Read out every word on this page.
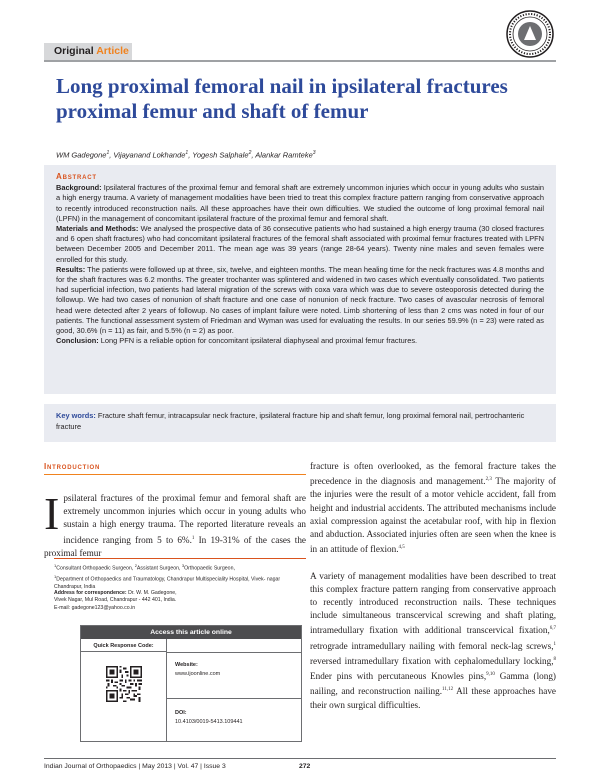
Original Article
Long proximal femoral nail in ipsilateral fractures proximal femur and shaft of femur
WM Gadegone$^1$, Vijayanand Lokhande$^1$, Yogesh Salphale$^2$, Alankar Ramteke$^3$
Abstract

Background: Ipsilateral fractures of the proximal femur and femoral shaft are extremely uncommon injuries which occur in young adults who sustain a high energy trauma. A variety of management modalities have been tried to treat this complex fracture pattern ranging from conservative approach to recently introduced reconstruction nails. All these approaches have their own difficulties. We studied the outcome of long proximal femoral nail (LPFN) in the management of concomitant ipsilateral fracture of the proximal femur and femoral shaft.

Materials and Methods: We analysed the prospective data of 36 consecutive patients who had sustained a high energy trauma (30 closed fractures and 6 open shaft fractures) who had concomitant ipsilateral fractures of the femoral shaft associated with proximal femur fractures treated with LPFN between December 2005 and December 2011. The mean age was 39 years (range 28-64 years). Twenty nine males and seven females were enrolled for this study.

Results: The patients were followed up at three, six, twelve, and eighteen months. The mean healing time for the neck fractures was 4.8 months and for the shaft fractures was 6.2 months. The greater trochanter was splintered and widened in two cases which eventually consolidated. Two patients had superficial infection, two patients had lateral migration of the screws with coxa vara which was due to severe osteoporosis detected during the followup. We had two cases of nonunion of shaft fracture and one case of nonunion of neck fracture. Two cases of avascular necrosis of femoral head were detected after 2 years of followup. No cases of implant failure were noted. Limb shortening of less than 2 cms was noted in four of our patients. The functional assessment system of Friedman and Wyman was used for evaluating the results. In our series 59.9% (n = 23) were rated as good, 30.6% (n = 11) as fair, and 5.5% (n = 2) as poor.

Conclusion: Long PFN is a reliable option for concomitant ipsilateral diaphyseal and proximal femur fractures.

Key words: Fracture shaft femur, intracapsular neck fracture, ipsilateral fracture hip and shaft femur, long proximal femoral nail, pertrochanteric fracture
Introduction
Ipsilateral fractures of the proximal femur and femoral shaft are extremely uncommon injuries which occur in young adults who sustain a high energy trauma. The reported literature reveals an incidence ranging from 5 to 6%.$^1$ In 19-31% of the cases the proximal femur
$^1$Consultant Orthopaedic Surgeon, $^2$Assistant Surgeon, $^3$Orthopaedic Surgeon,
$^1$Department of Orthopaedics and Traumatology, Chandrapur Multispeciality Hospital, Vivek- nagar Chandrapur, India
Address for correspondence: Dr. W. M. Gadegone,
Vivek Nagar, Mul Road, Chandrapur - 442 401, India.
E-mail: gadegone123@yahoo.co.in
Access this article online
Quick Response Code:
Website:
www.ijoonline.com
DOI:
10.4103/0019-5413.109441

fracture is often overlooked, as the femoral fracture takes the precedence in the diagnosis and management.$^{2,3}$ The majority of the injuries were the result of a motor vehicle accident, fall from height and industrial accidents. The attributed mechanisms include axial compression against the acetabular roof, with hip in flexion and abduction. Associated injuries often are seen when the knee is in an attitude of flexion.$^{4,5}$

A variety of management modalities have been described to treat this complex fracture pattern ranging from conservative approach to recently introduced reconstruction nails. These techniques include simultaneous transcervical screwing and shaft plating, intramedullary fixation with additional transcervical fixation,$^{6,7}$ retrograde intramedullary nailing with femoral neck-lag screws,$^1$ reversed intramedullary fixation with cephalomedullary locking,$^8$ Ender pins with percutaneous Knowles pins,$^{9,10}$ Gamma (long) nailing, and reconstruction nailing.$^{11,12}$ All these approaches have their own surgical difficulties.

Indian Journal of Orthopaedics | May 2013 | Vol. 47 | Issue 3	272
